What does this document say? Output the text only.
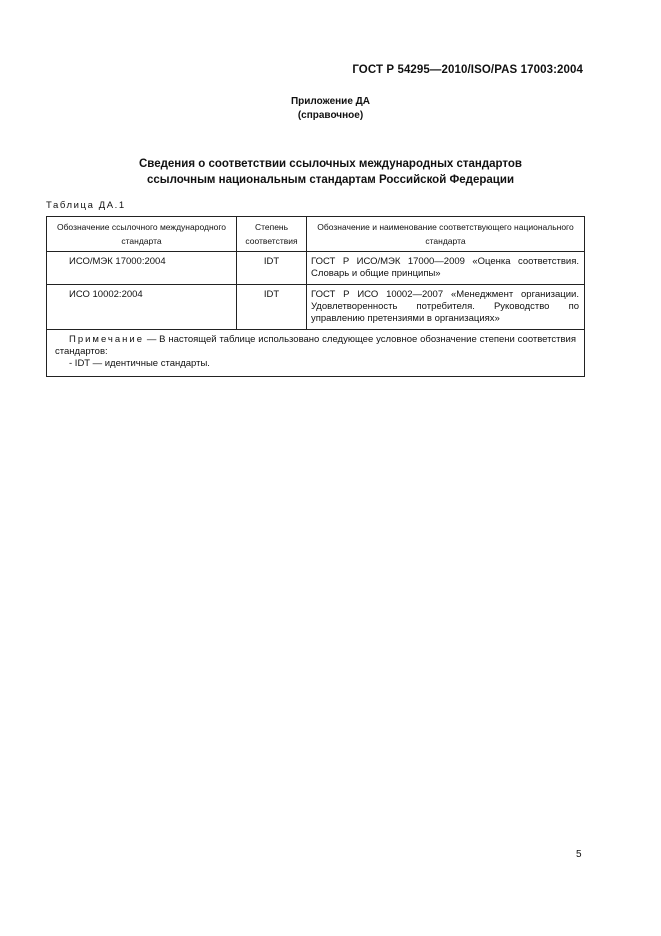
ГОСТ Р 54295—2010/ISO/PAS 17003:2004
Приложение ДА
(справочное)
Сведения о соответствии ссылочных международных стандартов
ссылочным национальным стандартам Российской Федерации
Таблица ДА.1
Обозначение ссылочного международного стандарта	Степень соответствия	Обозначение и наименование соответствующего национального стандарта
ИСО/МЭК 17000:2004	IDT	ГОСТ Р ИСО/МЭК 17000—2009 «Оценка соответствия. Словарь и общие принципы»
ИСО 10002:2004	IDT	ГОСТ Р ИСО 10002—2007 «Менеджмент организации. Удовлетворенность потребителя. Руководство по управлению претензиями в организациях»

Примечание — В настоящей таблице использовано следующее условное обозначение степени соответствия стандартов:
- IDT — идентичные стандарты.		
5
